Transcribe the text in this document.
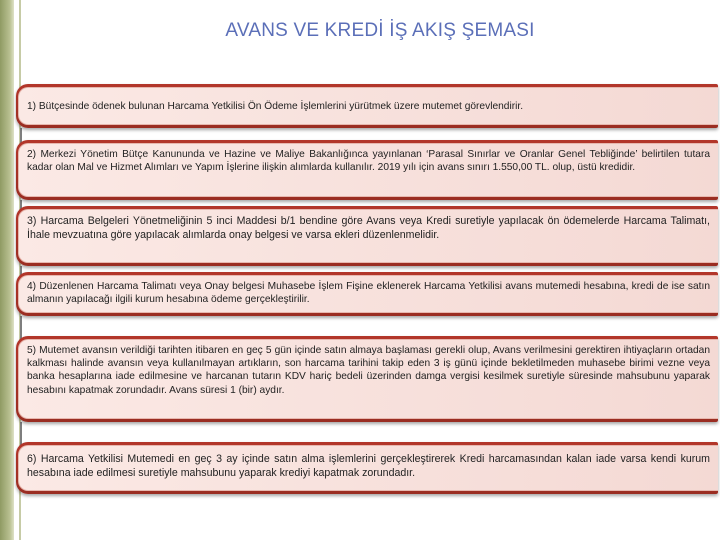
AVANS VE KREDİ İŞ AKIŞ ŞEMASI
1) Bütçesinde ödenek bulunan Harcama Yetkilisi Ön Ödeme İşlemlerini yürütmek üzere mutemet görevlendirir.
2) Merkezi Yönetim Bütçe Kanununda ve Hazine ve Maliye Bakanlığınca yayınlanan ‘Parasal Sınırlar ve Oranlar Genel Tebliğinde’ belirtilen tutara kadar olan Mal ve Hizmet Alımları ve Yapım İşlerine ilişkin alımlarda kullanılır. 2019 yılı için avans sınırı 1.550,00 TL. olup, üstü kredidir.
3) Harcama Belgeleri Yönetmeliğinin 5 inci Maddesi b/1 bendine göre Avans veya Kredi suretiyle yapılacak ön ödemelerde Harcama Talimatı, İhale mevzuatına göre yapılacak alımlarda onay belgesi ve varsa ekleri düzenlenmelidir.
4) Düzenlenen Harcama Talimatı veya Onay belgesi Muhasebe İşlem Fişine eklenerek Harcama Yetkilisi avans mutemedi hesabına, kredi de ise satın almanın yapılacağı ilgili kurum hesabına ödeme gerçekleştirilir.
5) Mutemet avansın verildiği tarihten itibaren en geç 5 gün içinde satın almaya başlaması gerekli olup, Avans verilmesini gerektiren ihtiyaçların ortadan kalkması halinde avansın veya kullanılmayan artıkların, son harcama tarihini takip eden 3 iş günü içinde bekletilmeden muhasebe birimi vezne veya banka hesaplarına iade edilmesine ve harcanan tutarın KDV hariç bedeli üzerinden damga vergisi kesilmek suretiyle süresinde mahsubunu yaparak hesabını kapatmak zorundadır. Avans süresi 1 (bir) aydır.
6) Harcama Yetkilisi Mutemedi en geç 3 ay içinde satın alma işlemlerini gerçekleştirerek Kredi harcamasından kalan iade varsa kendi kurum hesabına iade edilmesi suretiyle mahsubunu yaparak krediyi kapatmak zorundadır.
